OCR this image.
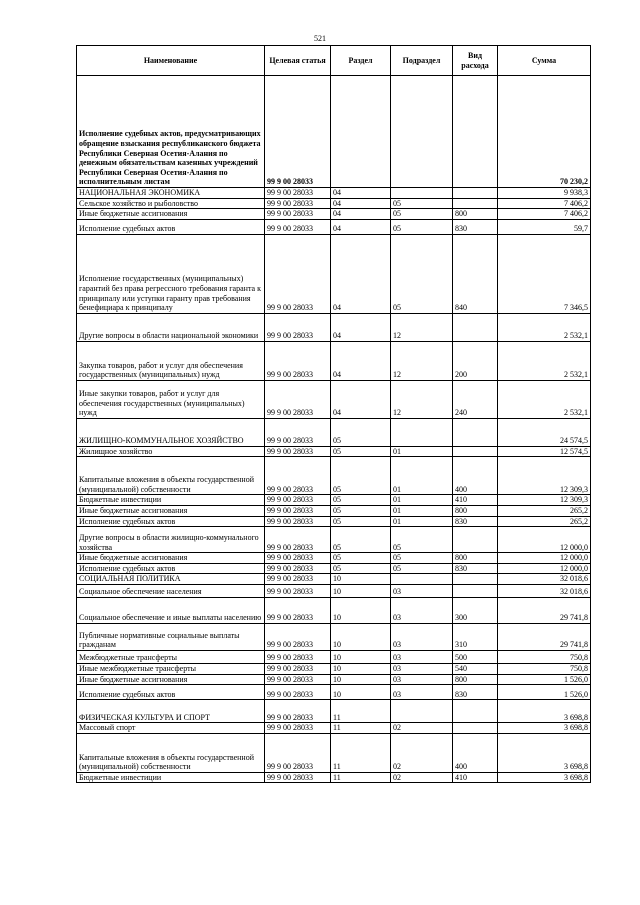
521
Наименование	Целевая статья	Раздел	Подраздел	Вид расхода	Сумма
Исполнение судебных актов, предусматривающих обращение взыскания республиканского бюджета Республики Северная Осетия-Алания по денежным обязательствам казенных учреждений Республики Северная Осетия-Алания по исполнительным листам	99 9 00 28033				70 230,2
НАЦИОНАЛЬНАЯ ЭКОНОМИКА	99 9 00 28033	04			9 938,3
Сельское хозяйство и рыболовство	99 9 00 28033	04	05		7 406,2
Иные бюджетные ассигнования	99 9 00 28033	04	05	800	7 406,2
Исполнение судебных актов	99 9 00 28033	04	05	830	59,7
Исполнение государственных (муниципальных) гарантий без права регрессного требования гаранта к принципалу или уступки гаранту прав требования бенефициара к принципалу	99 9 00 28033	04	05	840	7 346,5
Другие вопросы в области национальной экономики	99 9 00 28033	04	12		2 532,1
Закупка товаров, работ и услуг для обеспечения государственных (муниципальных) нужд	99 9 00 28033	04	12	200	2 532,1
Иные закупки товаров, работ и услуг для обеспечения государственных (муниципальных) нужд	99 9 00 28033	04	12	240	2 532,1
ЖИЛИЩНО-КОММУНАЛЬНОЕ ХОЗЯЙСТВО	99 9 00 28033	05			24 574,5
Жилищное хозяйство	99 9 00 28033	05	01		12 574,5
Капитальные вложения в объекты государственной (муниципальной) собственности	99 9 00 28033	05	01	400	12 309,3
Бюджетные инвестиции	99 9 00 28033	05	01	410	12 309,3
Иные бюджетные ассигнования	99 9 00 28033	05	01	800	265,2
Исполнение судебных актов	99 9 00 28033	05	01	830	265,2
Другие вопросы в области жилищно-коммунального хозяйства	99 9 00 28033	05	05		12 000,0
Иные бюджетные ассигнования	99 9 00 28033	05	05	800	12 000,0
Исполнение судебных актов	99 9 00 28033	05	05	830	12 000,0
СОЦИАЛЬНАЯ ПОЛИТИКА	99 9 00 28033	10			32 018,6
Социальное обеспечение населения	99 9 00 28033	10	03		32 018,6
Социальное обеспечение и иные выплаты населению	99 9 00 28033	10	03	300	29 741,8
Публичные нормативные социальные выплаты гражданам	99 9 00 28033	10	03	310	29 741,8
Межбюджетные трансферты	99 9 00 28033	10	03	500	750,8
Иные межбюджетные трансферты	99 9 00 28033	10	03	540	750,8
Иные бюджетные ассигнования	99 9 00 28033	10	03	800	1 526,0
Исполнение судебных актов	99 9 00 28033	10	03	830	1 526,0
ФИЗИЧЕСКАЯ КУЛЬТУРА И СПОРТ	99 9 00 28033	11			3 698,8
Массовый спорт	99 9 00 28033	11	02		3 698,8
Капитальные вложения в объекты государственной (муниципальной) собственности	99 9 00 28033	11	02	400	3 698,8
Бюджетные инвестиции	99 9 00 28033	11	02	410	3 698,8
